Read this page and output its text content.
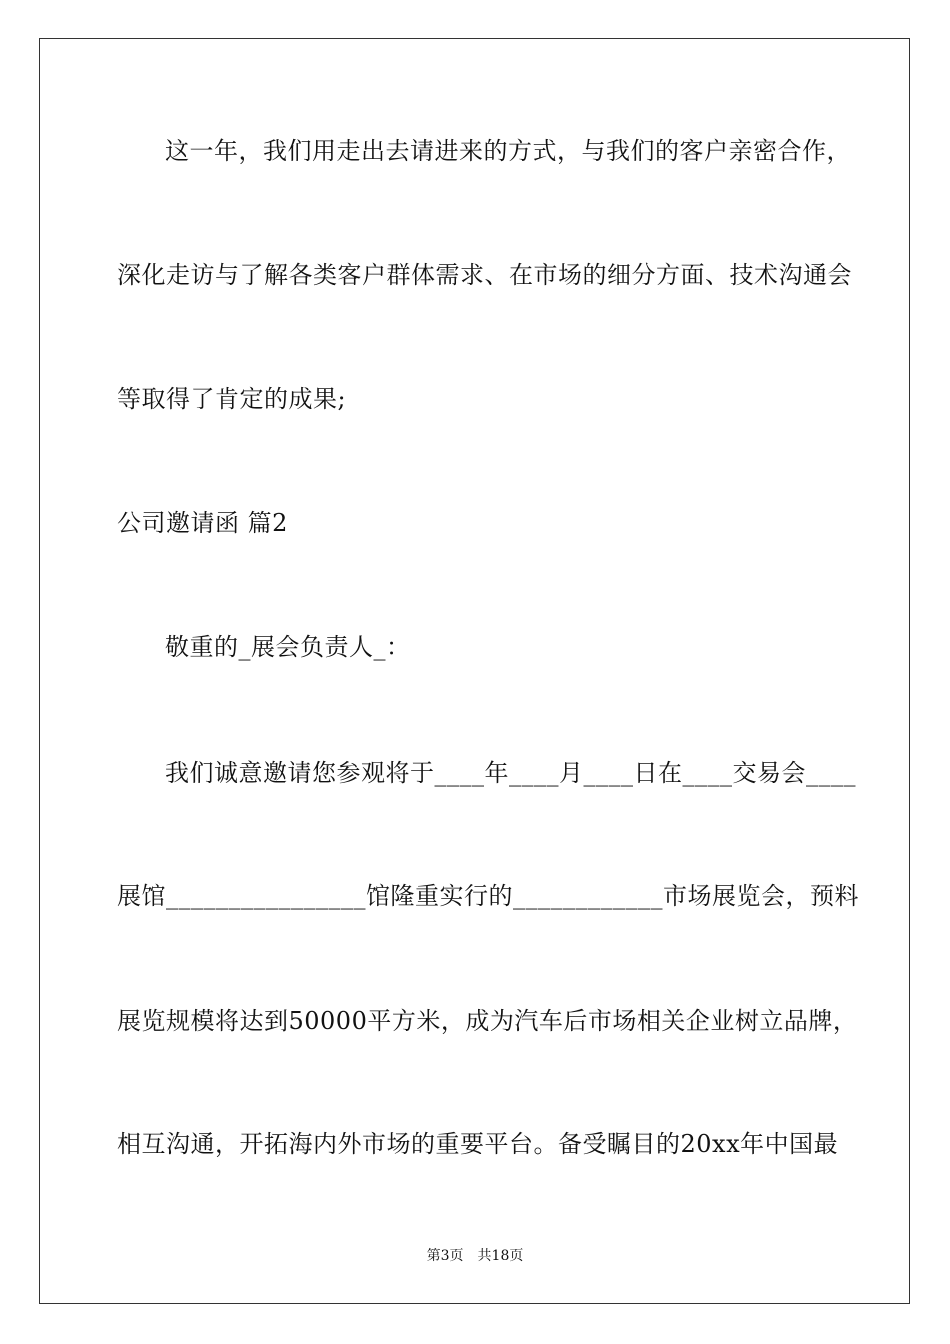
这一年，我们用走出去请进来的方式，与我们的客户亲密合作，
深化走访与了解各类客户群体需求、在市场的细分方面、技术沟通会
等取得了肯定的成果;
公司邀请函 篇2
敬重的_展会负责人_：
我们诚意邀请您参观将于____年____月____日在____交易会____
展馆________________馆隆重实行的____________市场展览会，预料
展览规模将达到50000平方米，成为汽车后市场相关企业树立品牌，
相互沟通，开拓海内外市场的重要平台。备受瞩目的20xx年中国最
第3页 共18页
